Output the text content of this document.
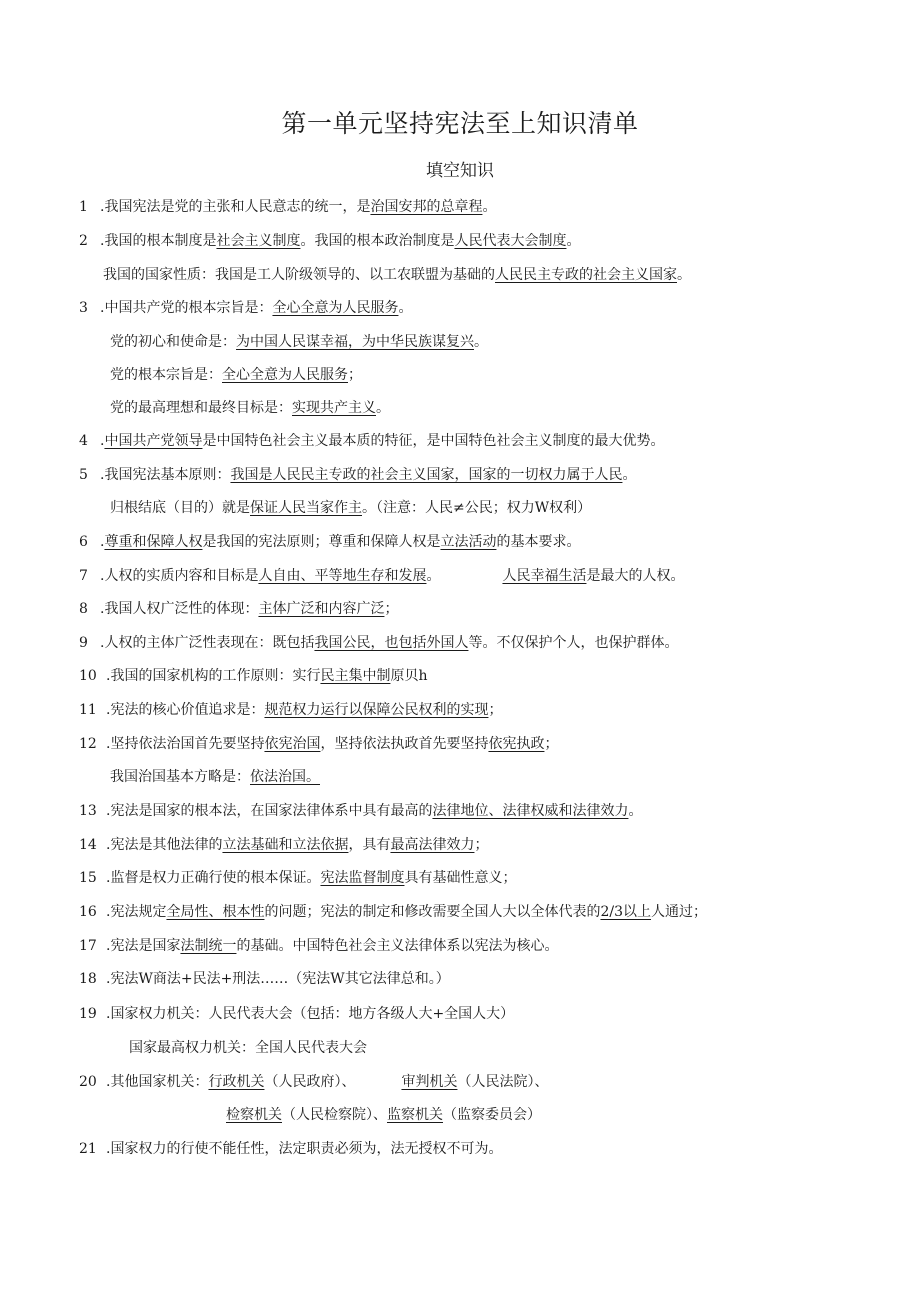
第一单元坚持宪法至上知识清单
填空知识
1 .我国宪法是党的主张和人民意志的统一，是治国安邦的总章程。
2 .我国的根本制度是社会主义制度。我国的根本政治制度是人民代表大会制度。
我国的国家性质：我国是工人阶级领导的、以工农联盟为基础的人民民主专政的社会主义国家。
3 .中国共产党的根本宗旨是：全心全意为人民服务。
党的初心和使命是：为中国人民谋幸福，为中华民族谋复兴。
党的根本宗旨是：全心全意为人民服务；
党的最高理想和最终目标是：实现共产主义。
4 .中国共产党领导是中国特色社会主义最本质的特征，是中国特色社会主义制度的最大优势。
5 .我国宪法基本原则：我国是人民民主专政的社会主义国家，国家的一切权力属于人民。
归根结底（目的）就是保证人民当家作主。（注意：人民≠公民；权力W权利）
6 .尊重和保障人权是我国的宪法原则；尊重和保障人权是立法活动的基本要求。
7 .人权的实质内容和目标是人自由、平等地生存和发展。	人民幸福生活是最大的人权。
8 .我国人权广泛性的体现：主体广泛和内容广泛；
9 .人权的主体广泛性表现在：既包括我国公民，也包括外国人等。不仅保护个人，也保护群体。
10 .我国的国家机构的工作原则：实行民主集中制原贝h
11 .宪法的核心价值追求是：规范权力运行以保障公民权利的实现；
12 .坚持依法治国首先要坚持依宪治国，坚持依法执政首先要坚持依宪执政；
我国治国基本方略是：依法治国。
13 .宪法是国家的根本法，在国家法律体系中具有最高的法律地位、法律权威和法律效力。
14 .宪法是其他法律的立法基础和立法依据，具有最高法律效力；
15 .监督是权力正确行使的根本保证。宪法监督制度具有基础性意义；
16 .宪法规定全局性、根本性的问题；宪法的制定和修改需要全国人大以全体代表的2/3以上人通过；
17 .宪法是国家法制统一的基础。中国特色社会主义法律体系以宪法为核心。
18 .宪法W商法+民法+刑法……（宪法W其它法律总和。）
19 .国家权力机关：人民代表大会（包括：地方各级人大+全国人大）
国家最高权力机关：全国人民代表大会
20 .其他国家机关：行政机关（人民政府）、	审判机关（人民法院）、
检察机关（人民检察院）、监察机关（监察委员会）
21 .国家权力的行使不能任性，法定职责必须为，法无授权不可为。
